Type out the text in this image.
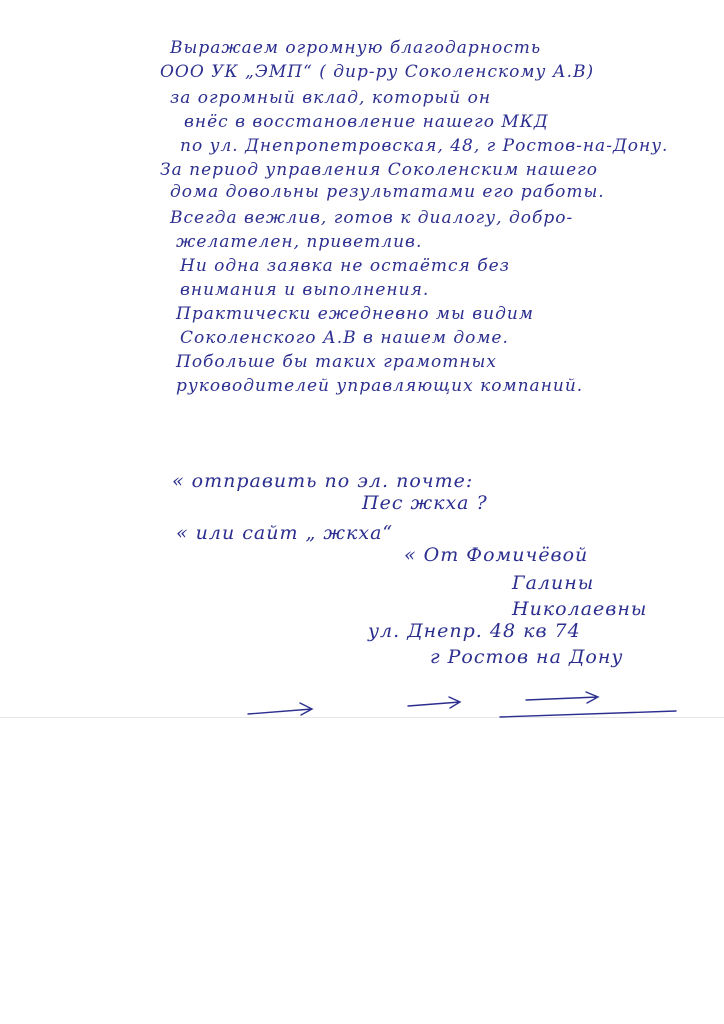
Выражаем огромную благодарность
ООО УК „ЭМП“ ( дир-ру Соколенскому А.В)
за огромный вклад, который он
внёс в восстановление нашего МКД
по ул. Днепропетровская, 48, г Ростов-на-Дону.
За период управления Соколенским нашего
дома довольны результатами его работы.
Всегда вежлив, готов к диалогу, добро-
желателен, приветлив.
Ни одна заявка не остаётся без
внимания и выполнения.
Практически ежедневно мы видим
Соколенского А.В в нашем доме.
Побольше бы таких грамотных
руководителей управляющих компаний.
« отправить по эл. почте:
Пес жкха ?
« или сайт „ жкха“
« От Фомичёвой
Галины
Николаевны
ул. Днепр. 48 кв 74
г Ростов на Дону
